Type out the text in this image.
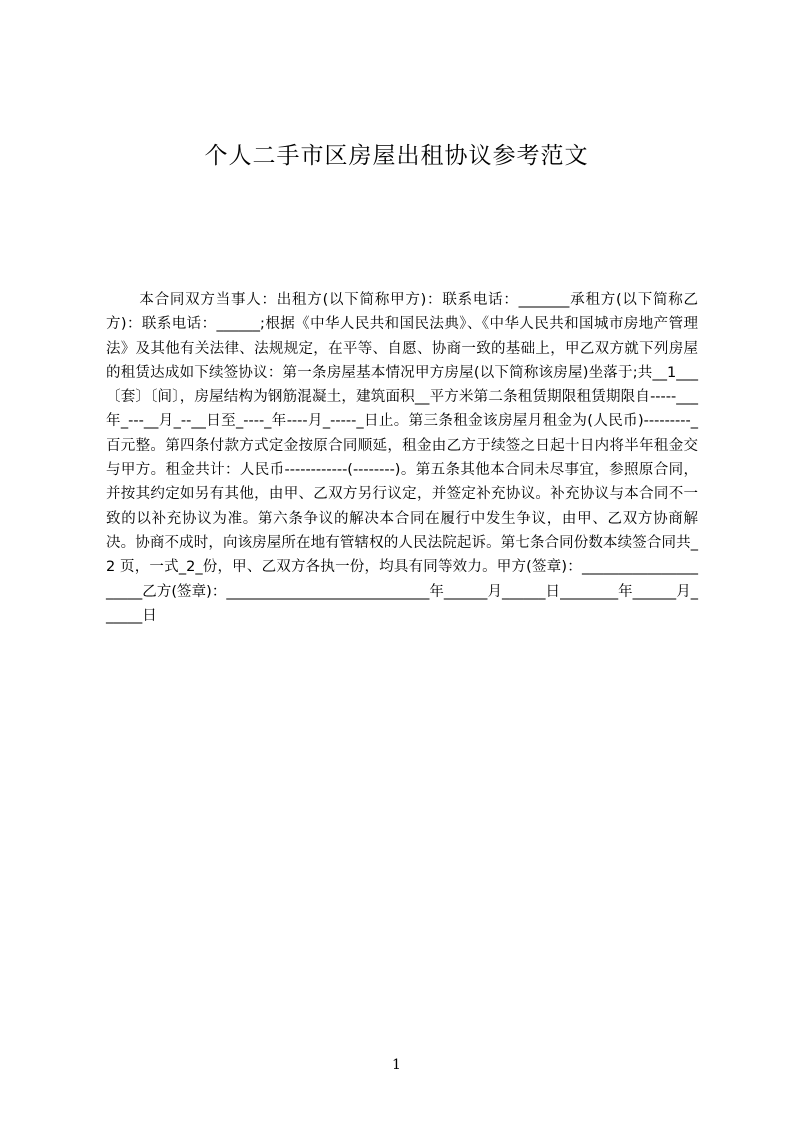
个人二手市区房屋出租协议参考范文

本合同双方当事人：出租方(以下简称甲方)：联系电话：_______承租方(以下简称乙方)：联系电话：______;根据《中华人民共和国民法典》、《中华人民共和国城市房地产管理法》及其他有关法律、法规规定，在平等、自愿、协商一致的基础上，甲乙双方就下列房屋的租赁达成如下续签协议：第一条房屋基本情况甲方房屋(以下简称该房屋)坐落于;共__1___〔套〕〔间〕，房屋结构为钢筋混凝土，建筑面积__平方米第二条租赁期限租赁期限自-----___年_---__月_--__日至_----_年----月_-----_日止。第三条租金该房屋月租金为(人民币)---------_百元整。第四条付款方式定金按原合同顺延，租金由乙方于续签之日起十日内将半年租金交与甲方。租金共计：人民币------------(--------)。第五条其他本合同未尽事宜，参照原合同，并按其约定如另有其他，由甲、乙双方另行议定，并签定补充协议。补充协议与本合同不一致的以补充协议为准。第六条争议的解决本合同在履行中发生争议，由甲、乙双方协商解决。协商不成时，向该房屋所在地有管辖权的人民法院起诉。第七条合同份数本续签合同共_2 页，一式_2_份，甲、乙双方各执一份，均具有同等效力。甲方(签章)：_____________________乙方(签章)：____________________________年______月______日________年______月______日

1
